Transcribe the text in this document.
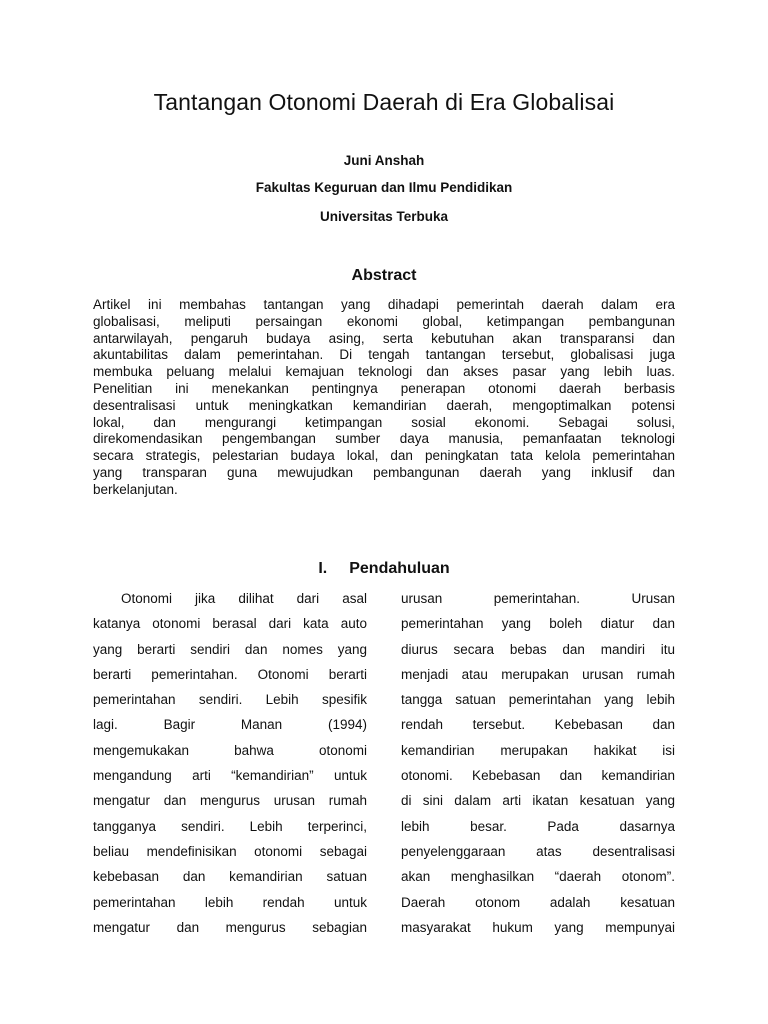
Tantangan Otonomi Daerah di Era Globalisai
Juni Anshah
Fakultas Keguruan dan Ilmu Pendidikan
Universitas Terbuka
Abstract
Artikel ini membahas tantangan yang dihadapi pemerintah daerah dalam era
globalisasi, meliputi persaingan ekonomi global, ketimpangan pembangunan
antarwilayah, pengaruh budaya asing, serta kebutuhan akan transparansi dan
akuntabilitas dalam pemerintahan. Di tengah tantangan tersebut, globalisasi juga
membuka peluang melalui kemajuan teknologi dan akses pasar yang lebih luas.
Penelitian ini menekankan pentingnya penerapan otonomi daerah berbasis
desentralisasi untuk meningkatkan kemandirian daerah, mengoptimalkan potensi
lokal, dan mengurangi ketimpangan sosial ekonomi. Sebagai solusi,
direkomendasikan pengembangan sumber daya manusia, pemanfaatan teknologi
secara strategis, pelestarian budaya lokal, dan peningkatan tata kelola pemerintahan
yang transparan guna mewujudkan pembangunan daerah yang inklusif dan
berkelanjutan.
I. Pendahuluan
Otonomi jika dilihat dari asal
katanya otonomi berasal dari kata auto
yang berarti sendiri dan nomes yang
berarti pemerintahan. Otonomi berarti
pemerintahan sendiri. Lebih spesifik
lagi. Bagir Manan (1994)
mengemukakan bahwa otonomi
mengandung arti “kemandirian” untuk
mengatur dan mengurus urusan rumah
tangganya sendiri. Lebih terperinci,
beliau mendefinisikan otonomi sebagai
kebebasan dan kemandirian satuan
pemerintahan lebih rendah untuk
mengatur dan mengurus sebagian
urusan pemerintahan. Urusan
pemerintahan yang boleh diatur dan
diurus secara bebas dan mandiri itu
menjadi atau merupakan urusan rumah
tangga satuan pemerintahan yang lebih
rendah tersebut. Kebebasan dan
kemandirian merupakan hakikat isi
otonomi. Kebebasan dan kemandirian
di sini dalam arti ikatan kesatuan yang
lebih besar. Pada dasarnya
penyelenggaraan atas desentralisasi
akan menghasilkan “daerah otonom”.
Daerah otonom adalah kesatuan
masyarakat hukum yang mempunyai
